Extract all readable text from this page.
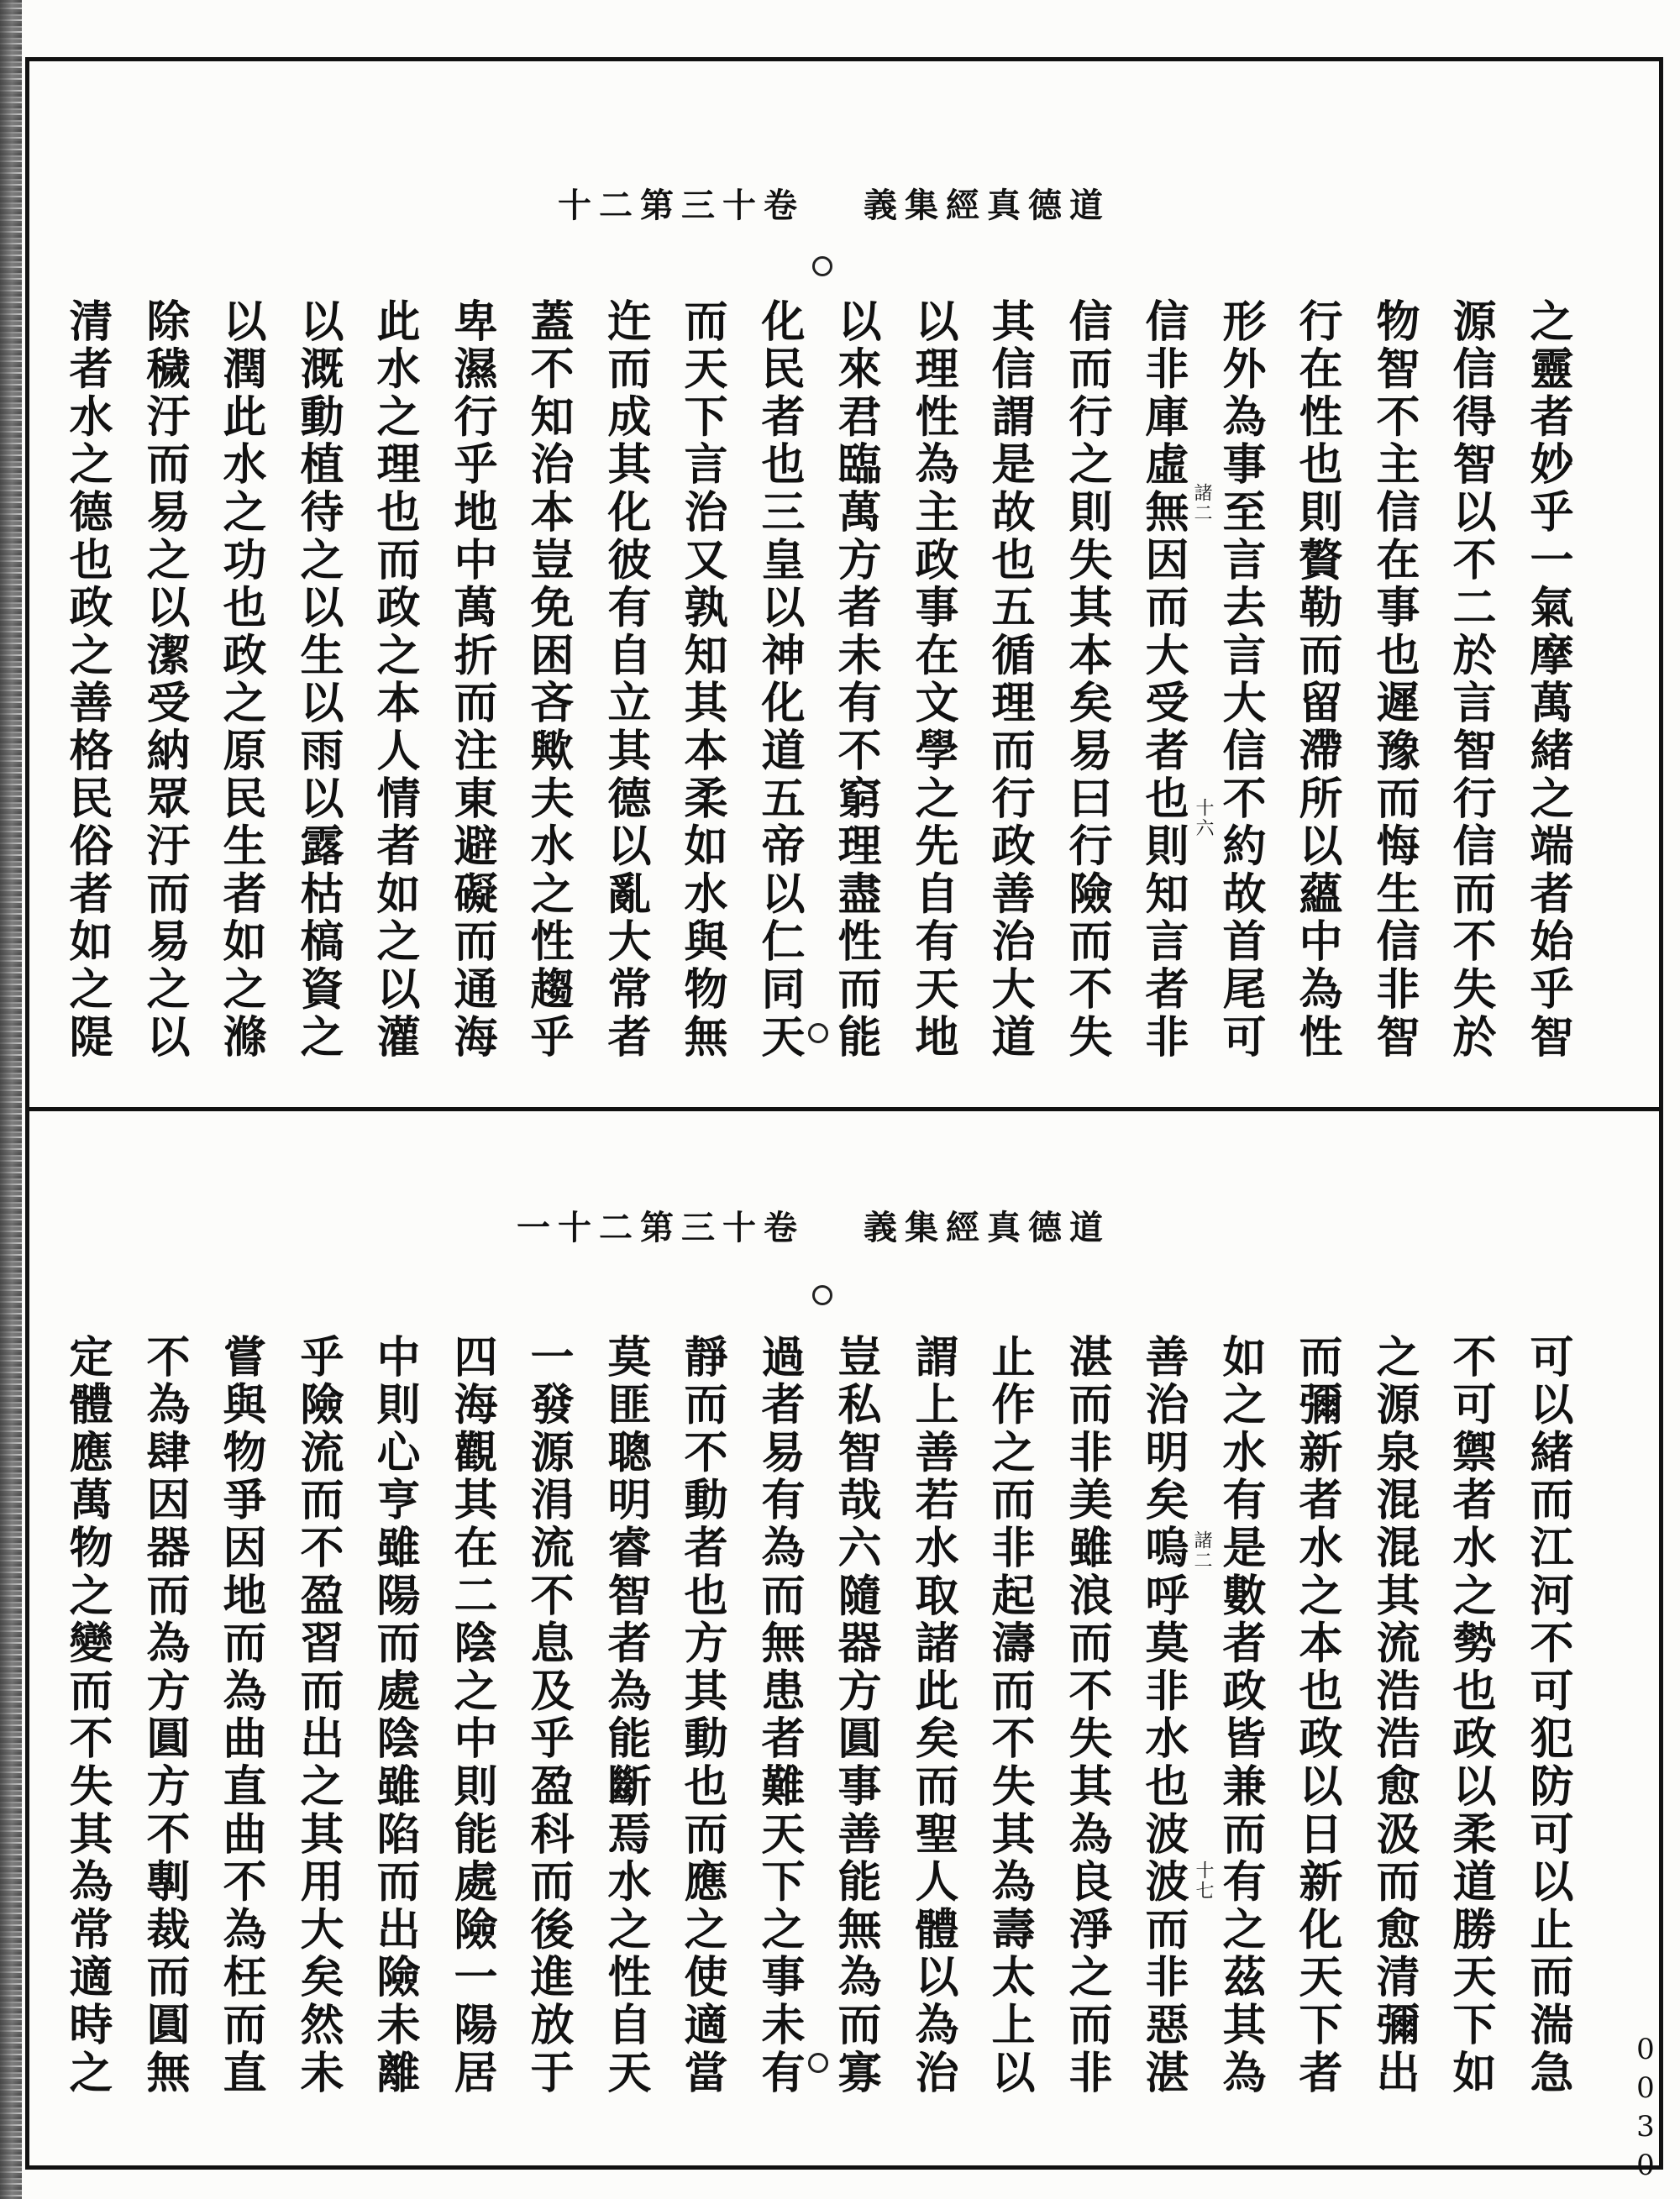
道德真經集義
卷十三第二十
諸二
十六	之靈者妙乎一氣摩萬緒之端者始乎智
源信得智以不二於言智行信而不失於
物智不主信在事也遲豫而悔生信非智
行在性也則贅勒而留滯所以蘊中為性
形外為事至言去言大信不約故首尾可
信非庫虛無因而大受者也則知言者非
信而行之則失其本矣易曰行險而不失
其信謂是故也五循理而行政善治大道
以理性為主政事在文學之先自有天地
以來君臨萬方者未有不窮理盡性而能
化民者也三皇以神化道五帝以仁同天
而天下言治又孰知其本柔如水與物無
迕而成其化彼有自立其德以亂大常者
蓋不知治本豈免困吝歟夫水之性趨乎
卑濕行乎地中萬折而注東避礙而通海
此水之理也而政之本人情者如之以灌
以溉動植待之以生以雨以露枯槁資之
以潤此水之功也政之原民生者如之滌
除穢汙而易之以潔受納眾汙而易之以
清者水之德也政之善格民俗者如之隄
道德真經集義
卷十三第二十一
諸二
十七	可以緒而江河不可犯防可以止而湍急
不可禦者水之勢也政以柔道勝天下如
之源泉混混其流浩浩愈汲而愈清彌出
而彌新者水之本也政以日新化天下者
如之水有是數者政皆兼而有之茲其為
善治明矣嗚呼莫非水也波波而非惡湛
湛而非美雖浪而不失其為良淨之而非
止作之而非起濤而不失其為壽太上以
謂上善若水取諸此矣而聖人體以為治
豈私智哉六隨器方圓事善能無為而寡
過者易有為而無患者難天下之事未有
靜而不動者也方其動也而應之使適當
莫匪聰明睿智者為能斷焉水之性自天
一發源涓流不息及乎盈科而後進放于
四海觀其在二陰之中則能處險一陽居
中則心亨雖陽而處陰雖陷而出險未離
乎險流而不盈習而出之其用大矣然未
嘗與物爭因地而為曲直曲不為枉而直
不為肆因器而為方圓方不剸裁而圓無
定體應萬物之變而不失其為常適時之
0030
